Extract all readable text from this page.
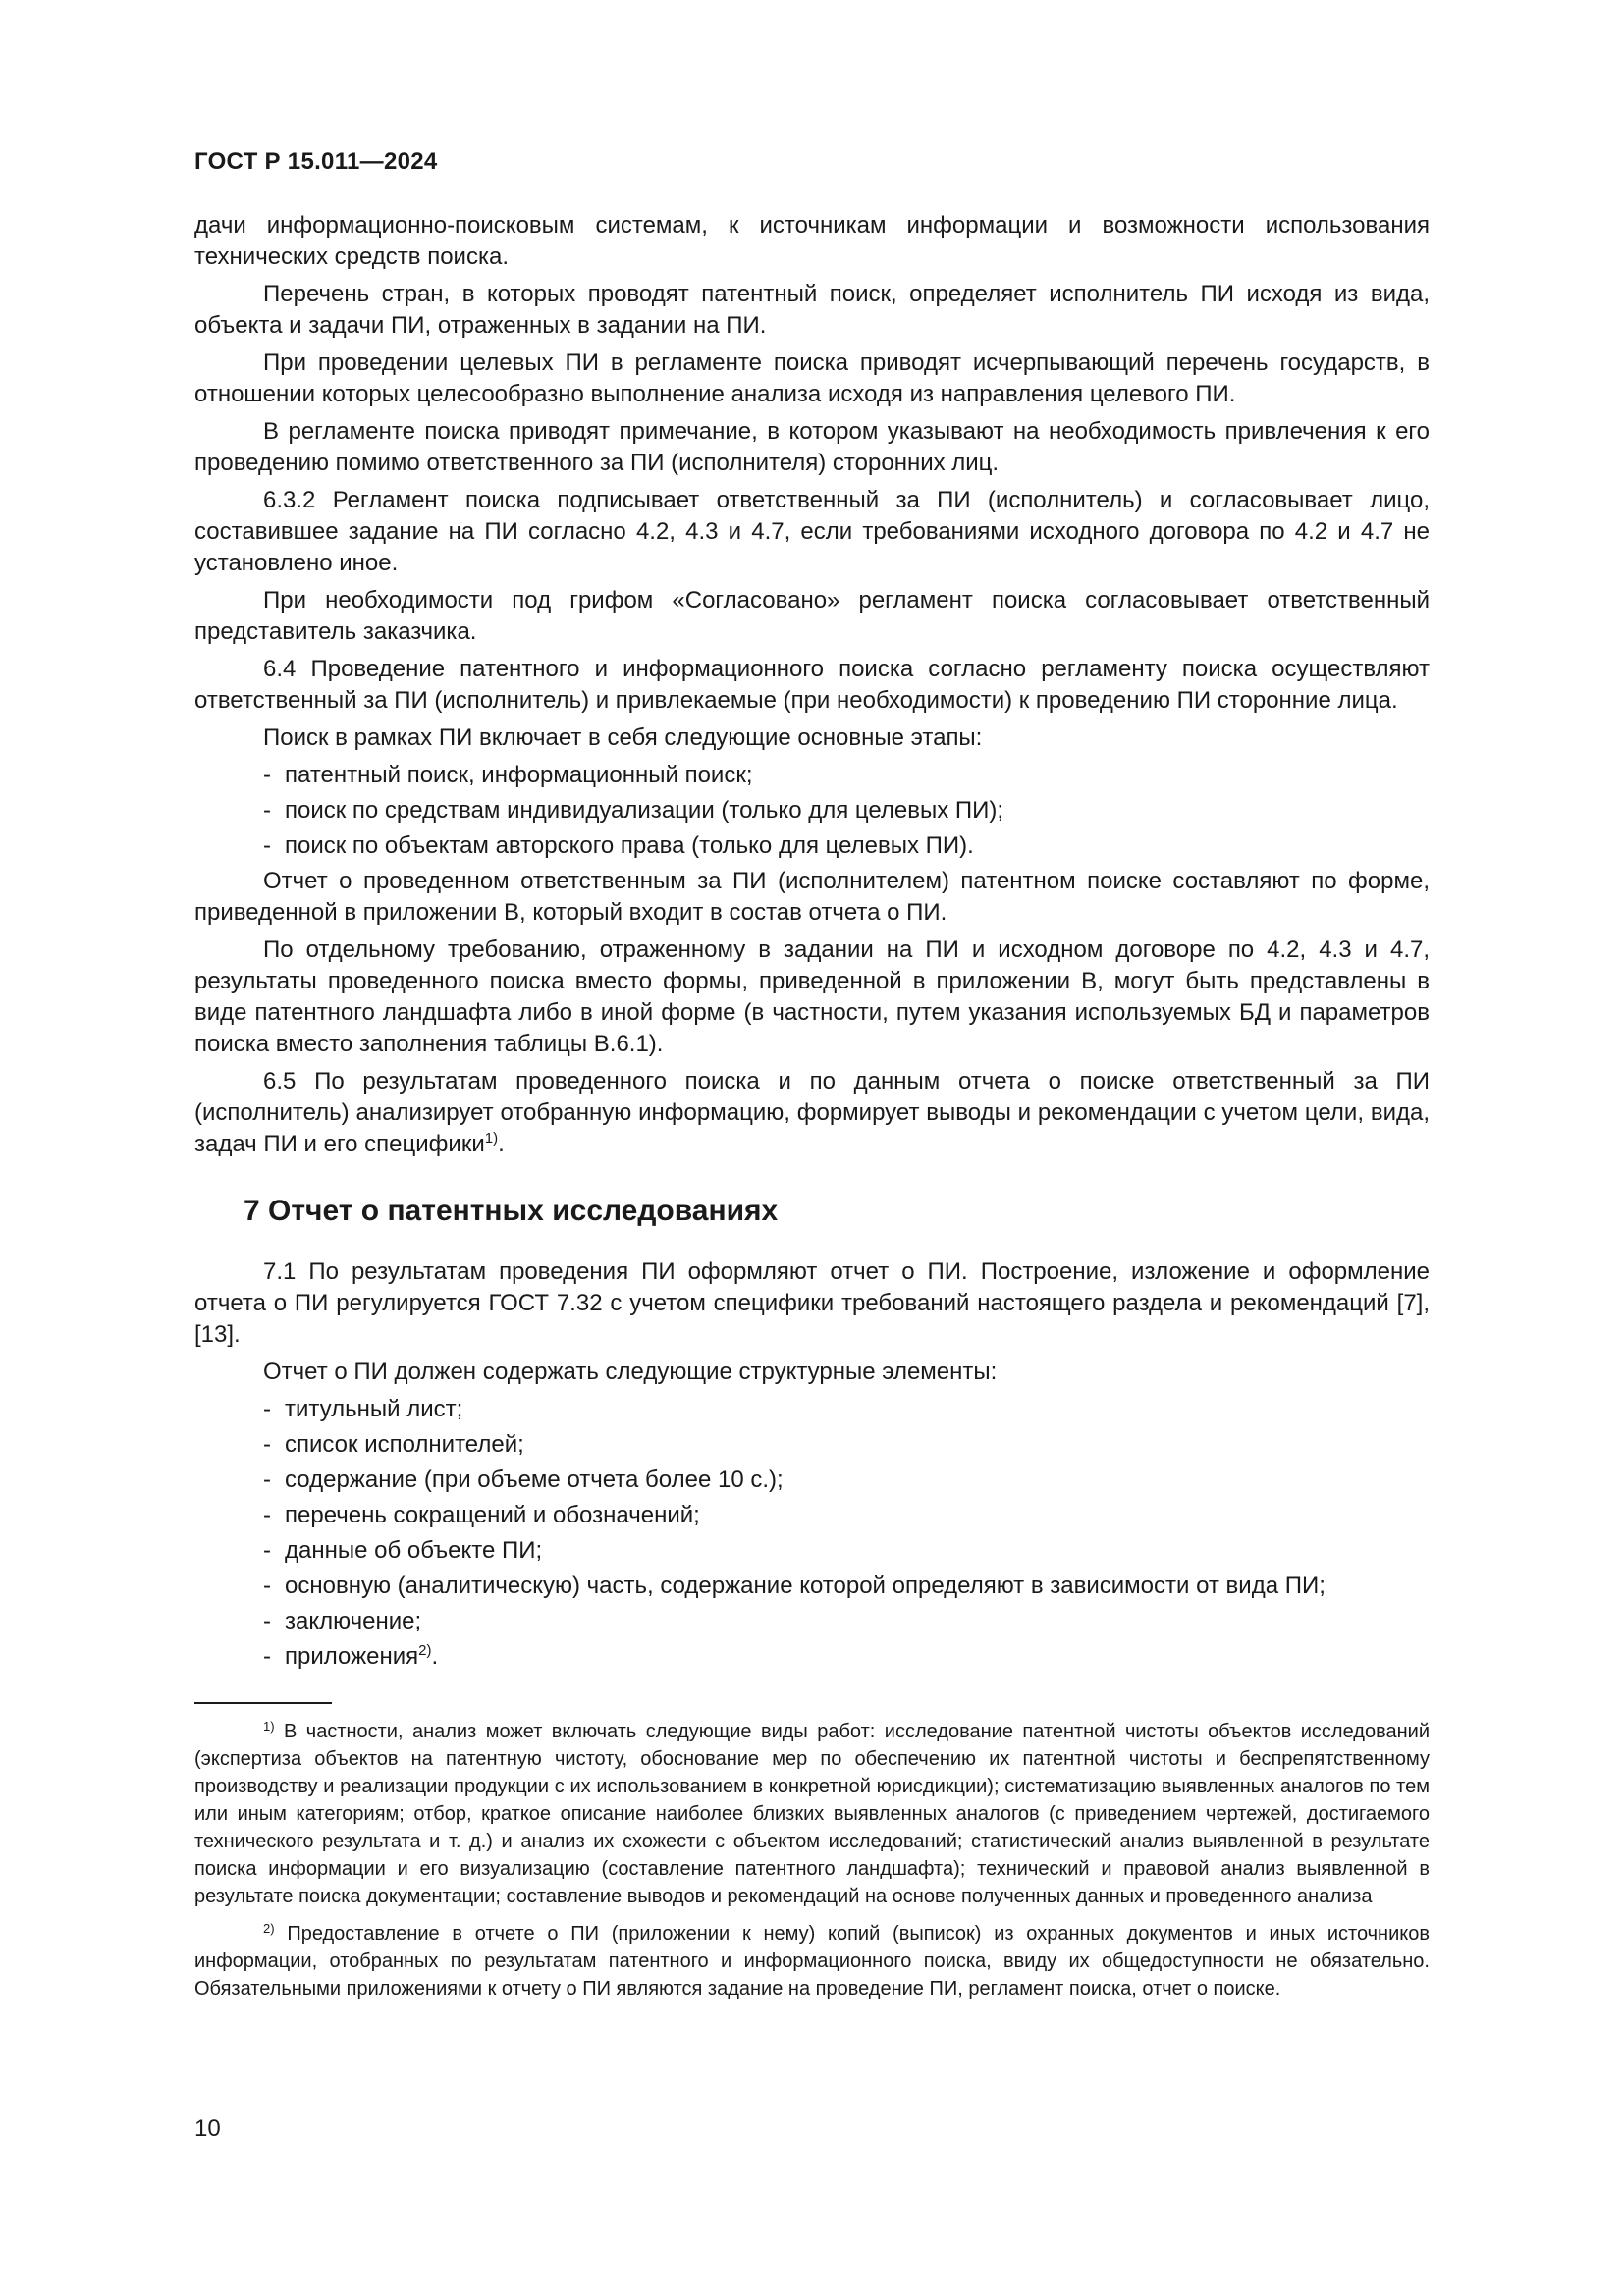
ГОСТ Р 15.011—2024

дачи информационно-поисковым системам, к источникам информации и возможности использования технических средств поиска.

Перечень стран, в которых проводят патентный поиск, определяет исполнитель ПИ исходя из вида, объекта и задачи ПИ, отраженных в задании на ПИ.

При проведении целевых ПИ в регламенте поиска приводят исчерпывающий перечень государств, в отношении которых целесообразно выполнение анализа исходя из направления целевого ПИ.

В регламенте поиска приводят примечание, в котором указывают на необходимость привлечения к его проведению помимо ответственного за ПИ (исполнителя) сторонних лиц.

6.3.2 Регламент поиска подписывает ответственный за ПИ (исполнитель) и согласовывает лицо, составившее задание на ПИ согласно 4.2, 4.3 и 4.7, если требованиями исходного договора по 4.2 и 4.7 не установлено иное.

При необходимости под грифом «Согласовано» регламент поиска согласовывает ответственный представитель заказчика.

6.4 Проведение патентного и информационного поиска согласно регламенту поиска осуществляют ответственный за ПИ (исполнитель) и привлекаемые (при необходимости) к проведению ПИ сторонние лица.

Поиск в рамках ПИ включает в себя следующие основные этапы:

- патентный поиск, информационный поиск;
- поиск по средствам индивидуализации (только для целевых ПИ);
- поиск по объектам авторского права (только для целевых ПИ).

Отчет о проведенном ответственным за ПИ (исполнителем) патентном поиске составляют по форме, приведенной в приложении В, который входит в состав отчета о ПИ.

По отдельному требованию, отраженному в задании на ПИ и исходном договоре по 4.2, 4.3 и 4.7, результаты проведенного поиска вместо формы, приведенной в приложении В, могут быть представлены в виде патентного ландшафта либо в иной форме (в частности, путем указания используемых БД и параметров поиска вместо заполнения таблицы В.6.1).

6.5 По результатам проведенного поиска и по данным отчета о поиске ответственный за ПИ (исполнитель) анализирует отобранную информацию, формирует выводы и рекомендации с учетом цели, вида, задач ПИ и его специфики$^{1)}$.

7 Отчет о патентных исследованиях

7.1 По результатам проведения ПИ оформляют отчет о ПИ. Построение, изложение и оформление отчета о ПИ регулируется ГОСТ 7.32 с учетом специфики требований настоящего раздела и рекомендаций [7], [13].

Отчет о ПИ должен содержать следующие структурные элементы:

- титульный лист;
- список исполнителей;
- содержание (при объеме отчета более 10 с.);
- перечень сокращений и обозначений;
- данные об объекте ПИ;
- основную (аналитическую) часть, содержание которой определяют в зависимости от вида ПИ;
- заключение;
- приложения$^{2)}$.

$^{1)}$ В частности, анализ может включать следующие виды работ: исследование патентной чистоты объектов исследований (экспертиза объектов на патентную чистоту, обоснование мер по обеспечению их патентной чистоты и беспрепятственному производству и реализации продукции с их использованием в конкретной юрисдикции); систематизацию выявленных аналогов по тем или иным категориям; отбор, краткое описание наиболее близких выявленных аналогов (с приведением чертежей, достигаемого технического результата и т. д.) и анализ их схожести с объектом исследований; статистический анализ выявленной в результате поиска информации и его визуализацию (составление патентного ландшафта); технический и правовой анализ выявленной в результате поиска документации; составление выводов и рекомендаций на основе полученных данных и проведенного анализа

$^{2)}$ Предоставление в отчете о ПИ (приложении к нему) копий (выписок) из охранных документов и иных источников информации, отобранных по результатам патентного и информационного поиска, ввиду их общедоступности не обязательно. Обязательными приложениями к отчету о ПИ являются задание на проведение ПИ, регламент поиска, отчет о поиске.

10
